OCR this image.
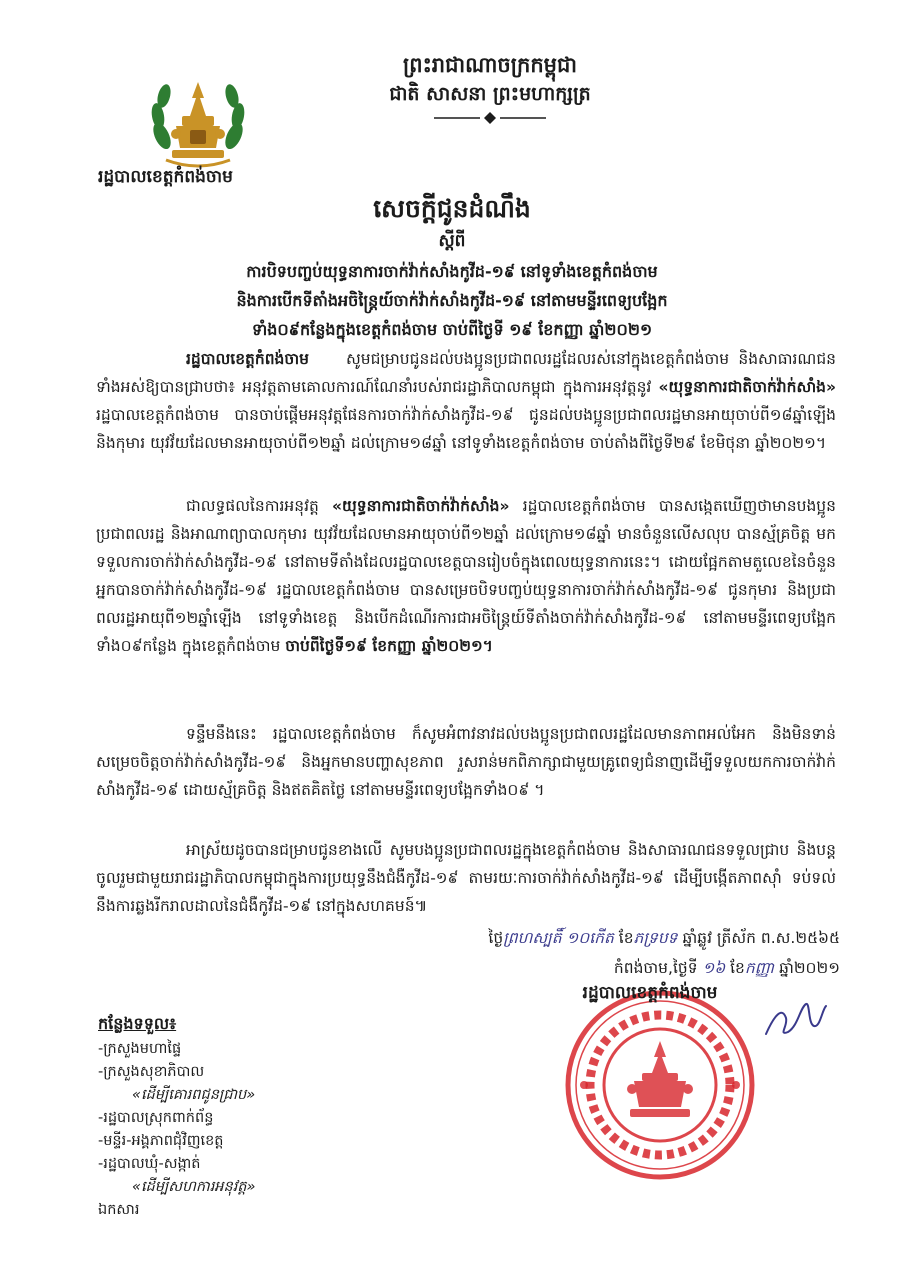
ព្រះរាជាណាចក្រកម្ពុជា
ជាតិ សាសនា ព្រះមហាក្សត្រ
រដ្ឋបាលខេត្តកំពង់ចាម
សេចក្តីជូនដំណឹង
ស្តីពី
ការបិទបញ្ចប់យុទ្ធនាការចាក់វ៉ាក់សាំងកូវីដ-១៩ នៅទូទាំងខេត្តកំពង់ចាម
និងការបើកទីតាំងអចិន្ត្រៃយ៍ចាក់វ៉ាក់សាំងកូវីដ-១៩ នៅតាមមន្ទីរពេទ្យបង្អែក
ទាំង០៩កន្លែងក្នុងខេត្តកំពង់ចាម ចាប់ពីថ្ងៃទី ១៩ ខែកញ្ញា ឆ្នាំ២០២១
រដ្ឋបាលខេត្តកំពង់ចាម សូមជម្រាបជូនដល់បងប្អូនប្រជាពលរដ្ឋដែលរស់នៅក្នុងខេត្តកំពង់ចាម និងសាធារណជនទាំងអស់ឱ្យបានជ្រាបថា៖ អនុវត្តតាមគោលការណ៍ណែនាំរបស់រាជរដ្ឋាភិបាលកម្ពុជា ក្នុងការអនុវត្តនូវ «យុទ្ធនាការជាតិចាក់វ៉ាក់សាំង» រដ្ឋបាលខេត្តកំពង់ចាម បានចាប់ផ្តើមអនុវត្តផែនការចាក់វ៉ាក់សាំងកូវីដ-១៩ ជូនដល់បងប្អូនប្រជាពលរដ្ឋមានអាយុចាប់ពី១៨ឆ្នាំឡើង និងកុមារ យុវវ័យដែលមានអាយុចាប់ពី១២ឆ្នាំ ដល់ក្រោម១៨ឆ្នាំ នៅទូទាំងខេត្តកំពង់ចាម ចាប់តាំងពីថ្ងៃទី២៩ ខែមិថុនា ឆ្នាំ២០២១។
ជាលទ្ធផលនៃការអនុវត្ត «យុទ្ធនាការជាតិចាក់វ៉ាក់សាំង» រដ្ឋបាលខេត្តកំពង់ចាម បានសង្កេតឃើញថាមានបងប្អូនប្រជាពលរដ្ឋ និងអាណាព្យាបាលកុមារ យុវវ័យដែលមានអាយុចាប់ពី១២ឆ្នាំ ដល់ក្រោម១៨ឆ្នាំ មានចំនួនលើសលុប បានស្ម័គ្រចិត្ត មកទទួលការចាក់វ៉ាក់សាំងកូវីដ-១៩ នៅតាមទីតាំងដែលរដ្ឋបាលខេត្តបានរៀបចំក្នុងពេលយុទ្ធនាការនេះ។ ដោយផ្អែកតាមតួលេខនៃចំនួនអ្នកបានចាក់វ៉ាក់សាំងកូវីដ-១៩ រដ្ឋបាលខេត្តកំពង់ចាម បានសម្រេចបិទបញ្ចប់យុទ្ធនាការចាក់វ៉ាក់សាំងកូវីដ-១៩ ជូនកុមារ និងប្រជាពលរដ្ឋអាយុពី១២ឆ្នាំឡើង នៅទូទាំងខេត្ត និងបើកដំណើរការជាអចិន្ត្រៃយ៍ទីតាំងចាក់វ៉ាក់សាំងកូវីដ-១៩ នៅតាមមន្ទីរពេទ្យបង្អែកទាំង០៩កន្លែង ក្នុងខេត្តកំពង់ចាម ចាប់ពីថ្ងៃទី១៩ ខែកញ្ញា ឆ្នាំ២០២១។
ទន្ទឹមនឹងនេះ រដ្ឋបាលខេត្តកំពង់ចាម ក៏សូមអំពាវនាវដល់បងប្អូនប្រជាពលរដ្ឋដែលមានភាពអល់អែក និងមិនទាន់សម្រេចចិត្តចាក់វ៉ាក់សាំងកូវីដ-១៩ និងអ្នកមានបញ្ហាសុខភាព រួសរាន់មកពិភាក្សាជាមួយគ្រូពេទ្យជំនាញដើម្បីទទួលយកការចាក់វ៉ាក់សាំងកូវីដ-១៩ ដោយស្ម័គ្រចិត្ត និងឥតគិតថ្លៃ នៅតាមមន្ទីរពេទ្យបង្អែកទាំង០៩ ។
អាស្រ័យដូចបានជម្រាបជូនខាងលើ សូមបងប្អូនប្រជាពលរដ្ឋក្នុងខេត្តកំពង់ចាម និងសាធារណជនទទួលជ្រាប និងបន្តចូលរួមជាមួយរាជរដ្ឋាភិបាលកម្ពុជាក្នុងការប្រយុទ្ធនឹងជំងឺកូវីដ-១៩ តាមរយៈការចាក់វ៉ាក់សាំងកូវីដ-១៩ ដើម្បីបង្កើតភាពស៊ាំ ទប់ទល់នឹងការឆ្លងរីករាលដាលនៃជំងឺកូវីដ-១៩ នៅក្នុងសហគមន៍៕
ថ្ងៃព្រហស្បតិ៍ ១០កើត ខែភទ្របទ ឆ្នាំឆ្លូវ ត្រីស័ក ព.ស.២៥៦៥
កំពង់ចាម,ថ្ងៃទី ១៦ ខែកញ្ញា ឆ្នាំ២០២១
រដ្ឋបាលខេត្តកំពង់ចាម
កន្លែងទទួល៖
-ក្រសួងមហាផ្ទៃ
-ក្រសួងសុខាភិបាល
«ដើម្បីគោរពជូនជ្រាប»
-រដ្ឋបាលស្រុកពាក់ព័ន្ធ
-មន្ទីរ-អង្គភាពជុំវិញខេត្ត
-រដ្ឋបាលឃុំ-សង្កាត់
«ដើម្បីសហការអនុវត្ត»
ឯកសារ
